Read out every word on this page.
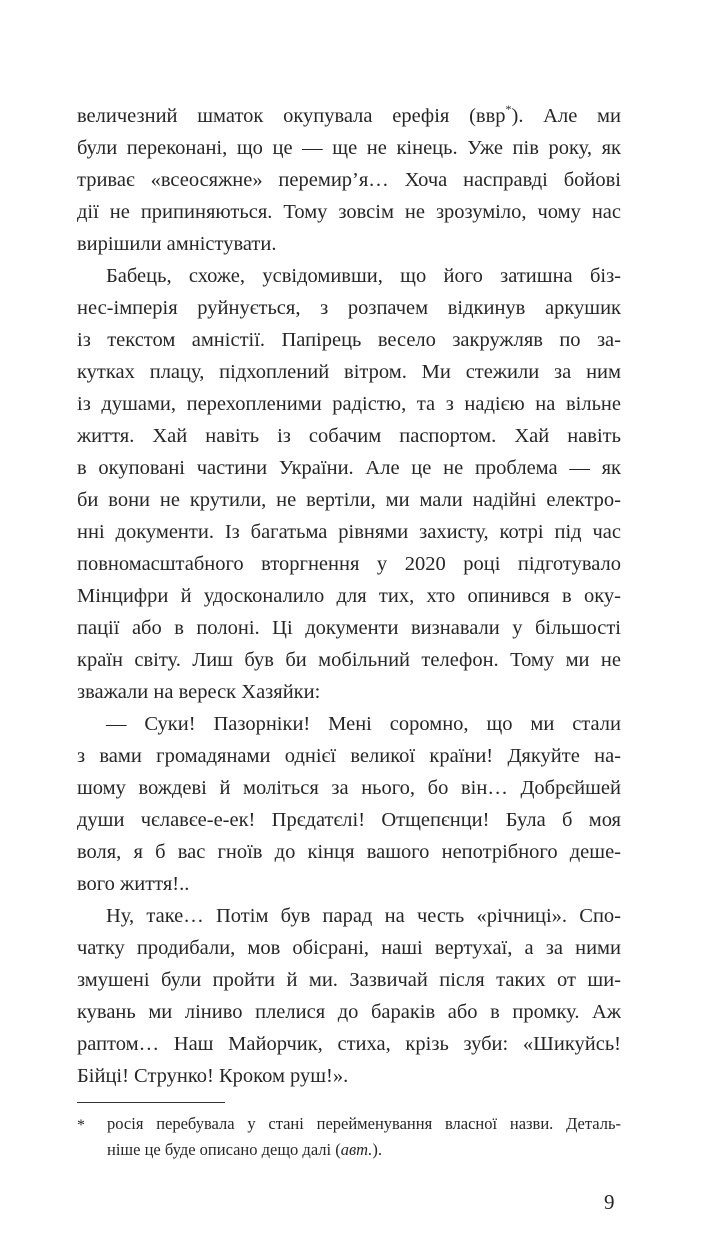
величезний шматок окупувала ерефія (ввр*). Але ми
були переконані, що це — ще не кінець. Уже пів року, як
триває «всеосяжне» перемир’я… Хоча насправді бойові
дії не припиняються. Тому зовсім не зрозуміло, чому нас
вирішили амністувати.
Бабець, схоже, усвідомивши, що його затишна біз-
нес-імперія руйнується, з розпачем відкинув аркушик
із текстом амністії. Папірець весело закружляв по за-
кутках плацу, підхоплений вітром. Ми стежили за ним
із душами, перехопленими радістю, та з надією на вільне
життя. Хай навіть із собачим паспортом. Хай навіть
в окуповані частини України. Але це не проблема — як
би вони не крутили, не вертіли, ми мали надійні електро-
нні документи. Із багатьма рівнями захисту, котрі під час
повномасштабного вторгнення у 2020 році підготувало
Мінцифри й удосконалило для тих, хто опинився в оку-
пації або в полоні. Ці документи визнавали у більшості
країн світу. Лиш був би мобільний телефон. Тому ми не
зважали на вереск Хазяйки:
— Суки! Пазорніки! Мені соромно, що ми стали
з вами громадянами однієї великої країни! Дякуйте на-
шому вождеві й моліться за нього, бо він… Добрєйшей
души чєлавєе-е-ек! Прєдатєлі! Отщепєнци! Була б моя
воля, я б вас гноїв до кінця вашого непотрібного деше-
вого життя!..
Ну, таке… Потім був парад на честь «річниці». Спо-
чатку продибали, мов обісрані, наші вертухаї, а за ними
змушені були пройти й ми. Зазвичай після таких от ши-
кувань ми ліниво плелися до бараків або в промку. Аж
раптом… Наш Майорчик, стиха, крізь зуби: «Шикуйсь!
Бійці! Струнко! Кроком руш!».
* росія перебувала у стані перейменування власної назви. Деталь-
ніше це буде описано дещо далі (авт.).
9
